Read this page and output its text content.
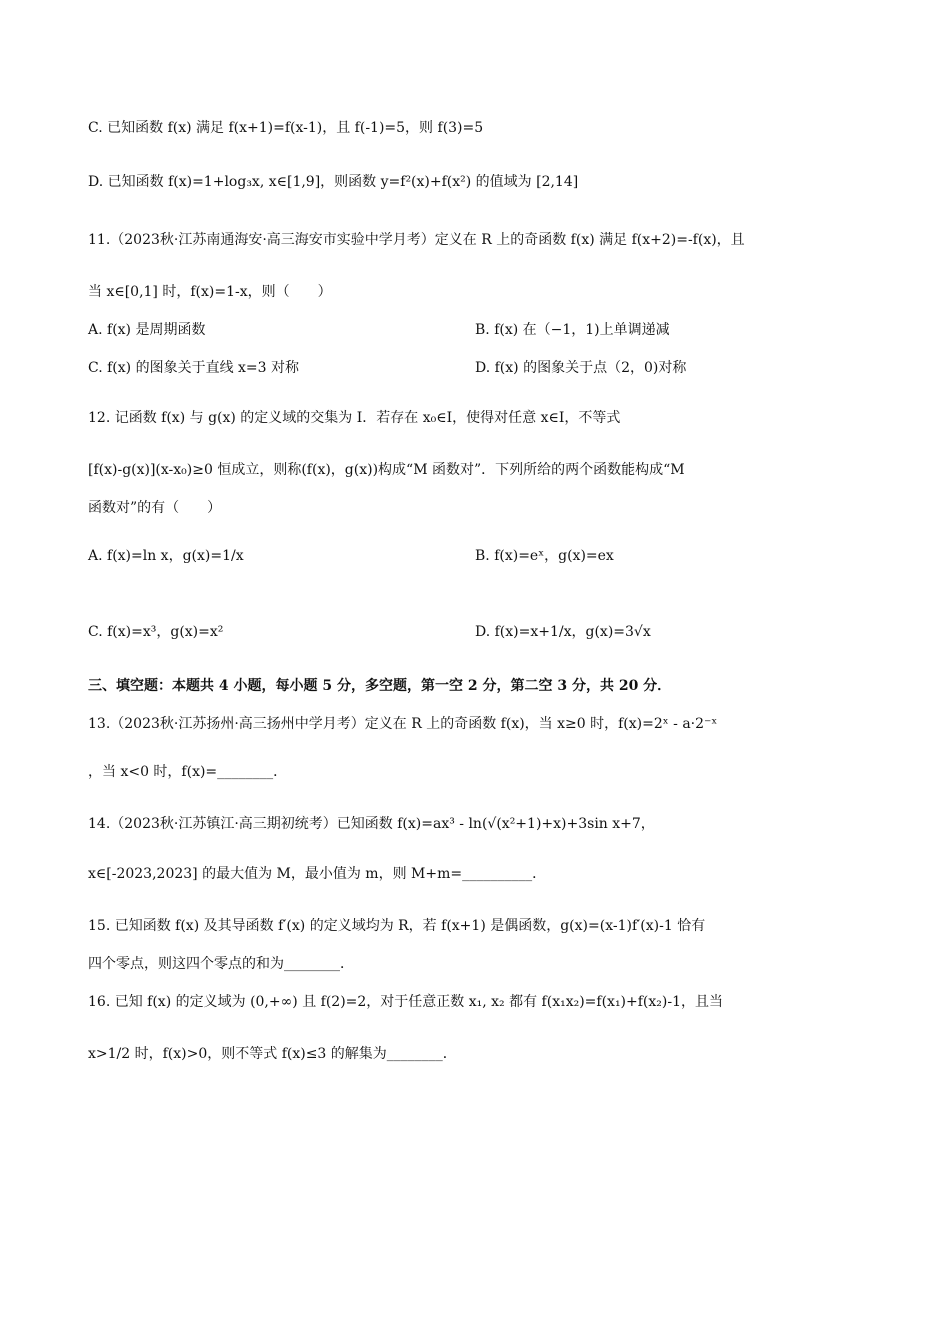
C. 已知函数 f(x) 满足 f(x+1)=f(x-1)，且 f(-1)=5，则 f(3)=5
D. 已知函数 f(x)=1+log₃x, x∈[1,9]，则函数 y=f²(x)+f(x²) 的值域为 [2,14]
11.（2023秋·江苏南通海安·高三海安市实验中学月考）定义在 R 上的奇函数 f(x) 满足 f(x+2)=-f(x)，且
当 x∈[0,1] 时，f(x)=1-x，则（　　）
A. f(x) 是周期函数	B. f(x) 在（−1，1)上单调递减
C. f(x) 的图象关于直线 x=3 对称	D. f(x) 的图象关于点（2，0)对称
12. 记函数 f(x) 与 g(x) 的定义域的交集为 I．若存在 x₀∈I，使得对任意 x∈I，不等式
[f(x)-g(x)](x-x₀)≥0 恒成立，则称(f(x)，g(x))构成“M 函数对”．下列所给的两个函数能构成“M
函数对”的有（　　）
A. f(x)=ln x，g(x)=1/x	B. f(x)=eˣ，g(x)=ex
C. f(x)=x³，g(x)=x²	D. f(x)=x+1/x，g(x)=3√x
三、填空题：本题共 4 小题，每小题 5 分，多空题，第一空 2 分，第二空 3 分，共 20 分．
13.（2023秋·江苏扬州·高三扬州中学月考）定义在 R 上的奇函数 f(x)，当 x≥0 时，f(x)=2ˣ - a·2⁻ˣ
，当 x<0 时，f(x)=________．
14.（2023秋·江苏镇江·高三期初统考）已知函数 f(x)=ax³ - ln(√(x²+1)+x)+3sin x+7，
x∈[-2023,2023] 的最大值为 M，最小值为 m，则 M+m=__________．
15. 已知函数 f(x) 及其导函数 f′(x) 的定义域均为 R，若 f(x+1) 是偶函数，g(x)=(x-1)f′(x)-1 恰有
四个零点，则这四个零点的和为________．
16. 已知 f(x) 的定义域为 (0,+∞) 且 f(2)=2，对于任意正数 x₁, x₂ 都有 f(x₁x₂)=f(x₁)+f(x₂)-1，且当
x>1/2 时，f(x)>0，则不等式 f(x)≤3 的解集为________．
